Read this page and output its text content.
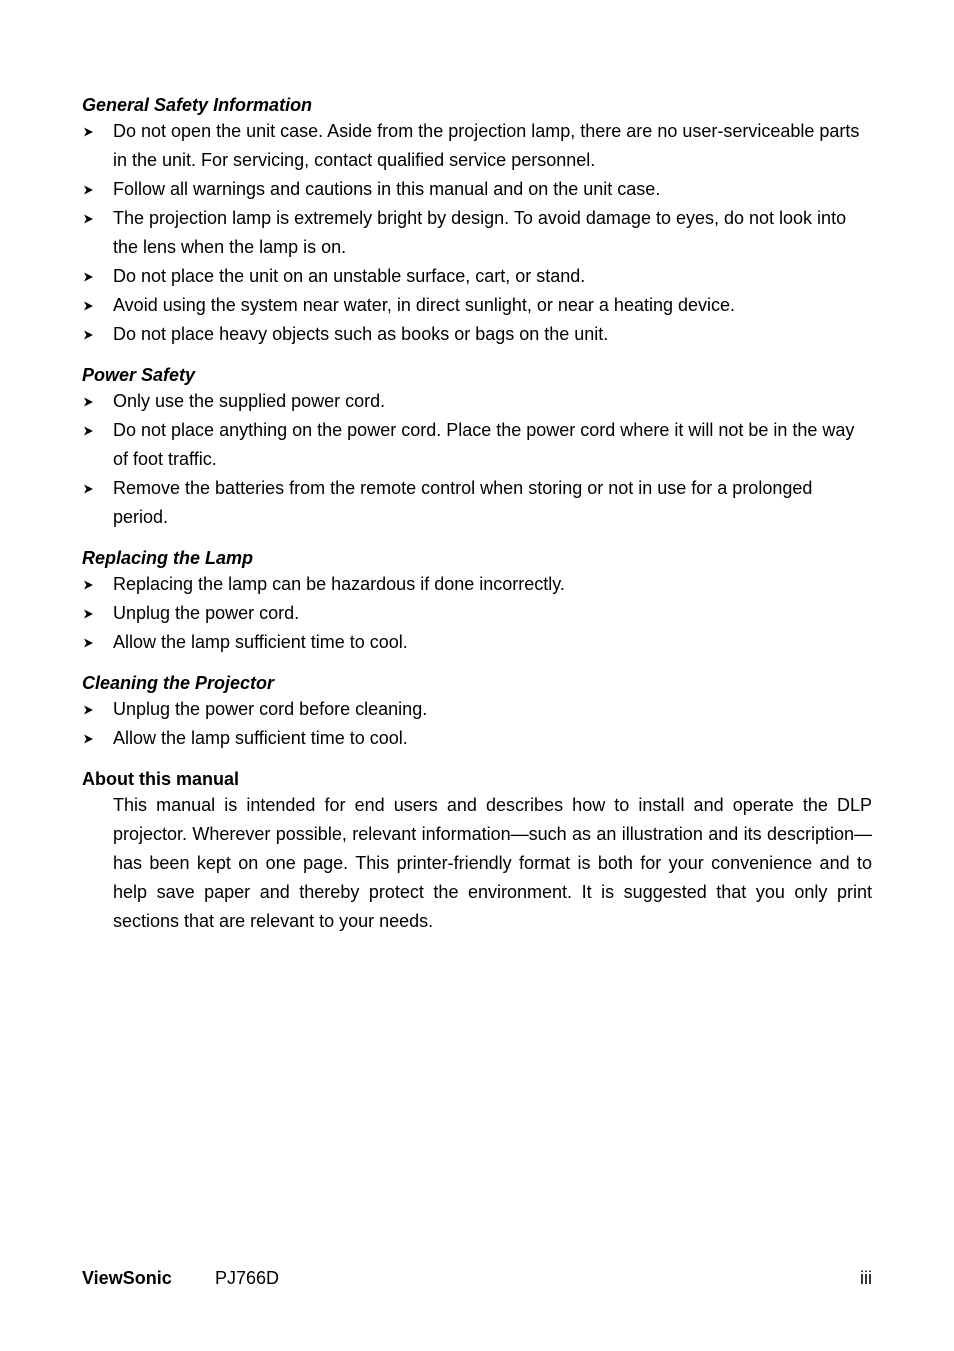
General Safety Information
Do not open the unit case. Aside from the projection lamp, there are no user-serviceable parts in the unit. For servicing, contact qualified service personnel.
Follow all warnings and cautions in this manual and on the unit case.
The projection lamp is extremely bright by design. To avoid damage to eyes, do not look into the lens when the lamp is on.
Do not place the unit on an unstable surface, cart, or stand.
Avoid using the system near water, in direct sunlight, or near a heating device.
Do not place heavy objects such as books or bags on the unit.
Power Safety
Only use the supplied power cord.
Do not place anything on the power cord. Place the power cord where it will not be in the way of foot traffic.
Remove the batteries from the remote control when storing or not in use for a prolonged period.
Replacing the Lamp
Replacing the lamp can be hazardous if done incorrectly.
Unplug the power cord.
Allow the lamp sufficient time to cool.
Cleaning the Projector
Unplug the power cord before cleaning.
Allow the lamp sufficient time to cool.
About this manual

This manual is intended for end users and describes how to install and operate the DLP projector. Wherever possible, relevant information—such as an illustration and its description—has been kept on one page. This printer-friendly format is both for your convenience and to help save paper and thereby protect the environment. It is suggested that you only print sections that are relevant to your needs.

ViewSonic PJ766D	iii
